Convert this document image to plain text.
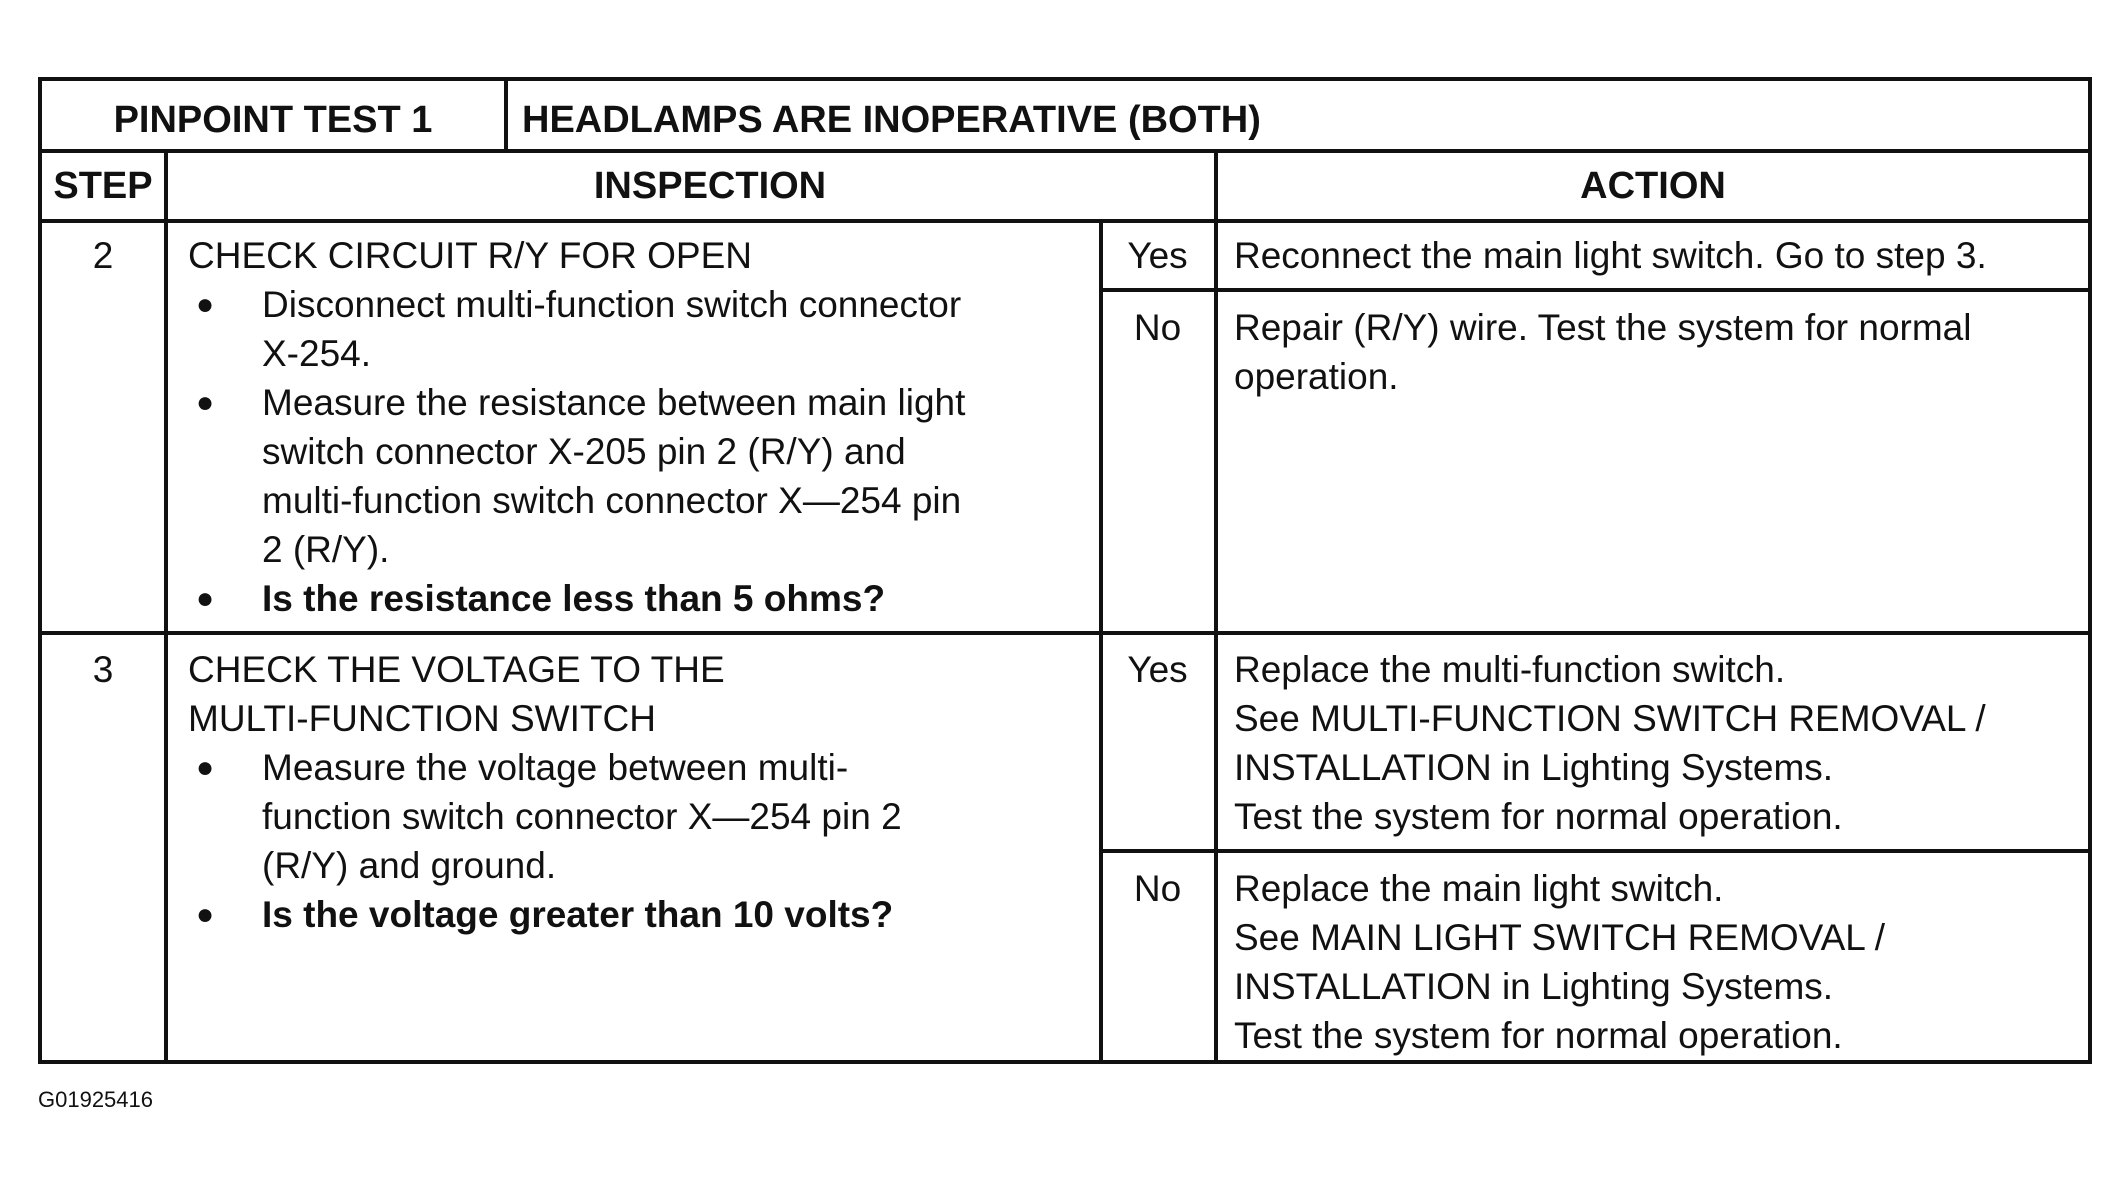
PINPOINT TEST 1	HEADLAMPS ARE INOPERATIVE (BOTH)
STEP	INSPECTION	ACTION
2	CHECK CIRCUIT R/Y FOR OPEN
● Disconnect multi-function switch connector X-254.
● Measure the resistance between main light switch connector X-205 pin 2 (R/Y) and multi-function switch connector X—254 pin 2 (R/Y).
● Is the resistance less than 5 ohms?
Yes	Reconnect the main light switch. Go to step 3.
No	Repair (R/Y) wire. Test the system for normal operation.
3	CHECK THE VOLTAGE TO THE
MULTI-FUNCTION SWITCH
● Measure the voltage between multi-function switch connector X—254 pin 2 (R/Y) and ground.
● Is the voltage greater than 10 volts?
Yes	Replace the multi-function switch.
See MULTI-FUNCTION SWITCH REMOVAL /
INSTALLATION in Lighting Systems.
Test the system for normal operation.
No	Replace the main light switch.
See MAIN LIGHT SWITCH REMOVAL /
INSTALLATION in Lighting Systems.
Test the system for normal operation.
G01925416
